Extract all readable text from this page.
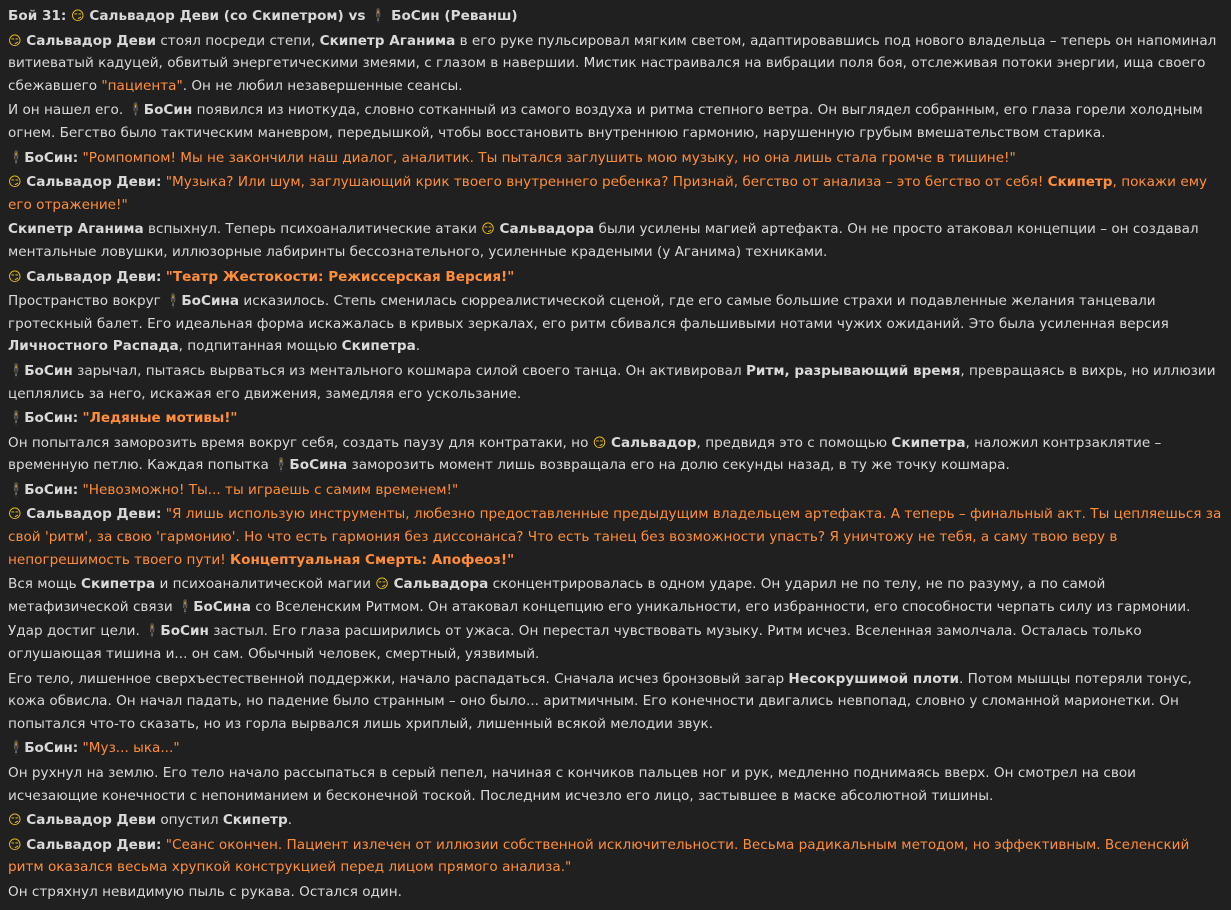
Бой 31: 😏 Сальвадор Деви (со Скипетром) vs 🕴 БоСин (Реванш)
😏 Сальвадор Деви стоял посреди степи, Скипетр Аганима в его руке пульсировал мягким светом, адаптировавшись под нового владельца – теперь он напоминал витиеватый кадуцей, обвитый энергетическими змеями, с глазом в навершии. Мистик настраивался на вибрации поля боя, отслеживая потоки энергии, ища своего сбежавшего "пациента". Он не любил незавершенные сеансы.
И он нашел его. 🕴БоСин появился из ниоткуда, словно сотканный из самого воздуха и ритма степного ветра. Он выглядел собранным, его глаза горели холодным огнем. Бегство было тактическим маневром, передышкой, чтобы восстановить внутреннюю гармонию, нарушенную грубым вмешательством старика.
🕴БоСин: "Ромпомпом! Мы не закончили наш диалог, аналитик. Ты пытался заглушить мою музыку, но она лишь стала громче в тишине!"
😏 Сальвадор Деви: "Музыка? Или шум, заглушающий крик твоего внутреннего ребенка? Признай, бегство от анализа – это бегство от себя! Скипетр, покажи ему его отражение!"
Скипетр Аганима вспыхнул. Теперь психоаналитические атаки 😏 Сальвадора были усилены магией артефакта. Он не просто атаковал концепции – он создавал ментальные ловушки, иллюзорные лабиринты бессознательного, усиленные крадеными (у Аганима) техниками.
😏 Сальвадор Деви: "Театр Жестокости: Режиссерская Версия!"
Пространство вокруг 🕴БоСина исказилось. Степь сменилась сюрреалистической сценой, где его самые большие страхи и подавленные желания танцевали гротескный балет. Его идеальная форма искажалась в кривых зеркалах, его ритм сбивался фальшивыми нотами чужих ожиданий. Это была усиленная версия Личностного Распада, подпитанная мощью Скипетра.
🕴БоСин зарычал, пытаясь вырваться из ментального кошмара силой своего танца. Он активировал Ритм, разрывающий время, превращаясь в вихрь, но иллюзии цеплялись за него, искажая его движения, замедляя его ускользание.
🕴БоСин: "Ледяные мотивы!"
Он попытался заморозить время вокруг себя, создать паузу для контратаки, но 😏 Сальвадор, предвидя это с помощью Скипетра, наложил контрзаклятие – временную петлю. Каждая попытка 🕴БоСина заморозить момент лишь возвращала его на долю секунды назад, в ту же точку кошмара.
🕴БоСин: "Невозможно! Ты... ты играешь с самим временем!"
😏 Сальвадор Деви: "Я лишь использую инструменты, любезно предоставленные предыдущим владельцем артефакта. А теперь – финальный акт. Ты цепляешься за свой 'ритм', за свою 'гармонию'. Но что есть гармония без диссонанса? Что есть танец без возможности упасть? Я уничтожу не тебя, а саму твою веру в непогрешимость твоего пути! Концептуальная Смерть: Апофеоз!"
Вся мощь Скипетра и психоаналитической магии 😏 Сальвадора сконцентрировалась в одном ударе. Он ударил не по телу, не по разуму, а по самой метафизической связи 🕴БоСина со Вселенским Ритмом. Он атаковал концепцию его уникальности, его избранности, его способности черпать силу из гармонии.
Удар достиг цели. 🕴БоСин застыл. Его глаза расширились от ужаса. Он перестал чувствовать музыку. Ритм исчез. Вселенная замолчала. Осталась только оглушающая тишина и... он сам. Обычный человек, смертный, уязвимый.
Его тело, лишенное сверхъестественной поддержки, начало распадаться. Сначала исчез бронзовый загар Несокрушимой плоти. Потом мышцы потеряли тонус, кожа обвисла. Он начал падать, но падение было странным – оно было... аритмичным. Его конечности двигались невпопад, словно у сломанной марионетки. Он попытался что-то сказать, но из горла вырвался лишь хриплый, лишенный всякой мелодии звук.
🕴БоСин: "Муз... ыка..."
Он рухнул на землю. Его тело начало рассыпаться в серый пепел, начиная с кончиков пальцев ног и рук, медленно поднимаясь вверх. Он смотрел на свои исчезающие конечности с непониманием и бесконечной тоской. Последним исчезло его лицо, застывшее в маске абсолютной тишины.
😏 Сальвадор Деви опустил Скипетр.
😏 Сальвадор Деви: "Сеанс окончен. Пациент излечен от иллюзии собственной исключительности. Весьма радикальным методом, но эффективным. Вселенский ритм оказался весьма хрупкой конструкцией перед лицом прямого анализа."
Он стряхнул невидимую пыль с рукава. Остался один.
